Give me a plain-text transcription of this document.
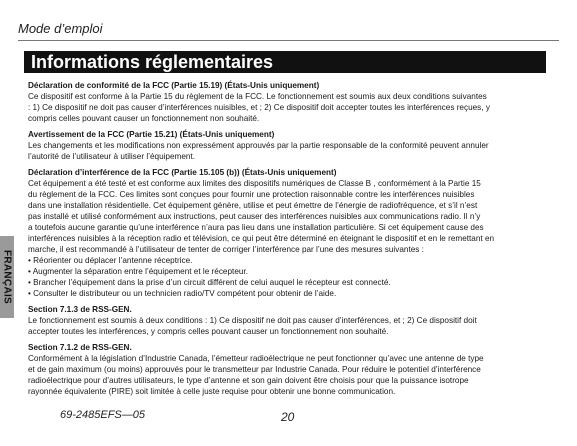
Mode d’emploi
Informations réglementaires
FRANÇAIS
Déclaration de conformité de la FCC (Partie 15.19) (États-Unis uniquement)
Ce dispositif est conforme à la Partie 15 du règlement de la FCC. Le fonctionnement est soumis aux deux conditions suivantes
: 1) Ce dispositif ne doit pas causer d’interférences nuisibles, et ; 2) Ce dispositif doit accepter toutes les interférences reçues, y
compris celles pouvant causer un fonctionnement non souhaité.
Avertissement de la FCC (Partie 15.21) (États-Unis uniquement)
Les changements et les modifications non expressément approuvés par la partie responsable de la conformité peuvent annuler
l’autorité de l’utilisateur à utiliser l’équipement.
Déclaration d’interférence de la FCC (Partie 15.105 (b)) (États-Unis uniquement)
Cet équipement a été testé et est conforme aux limites des dispositifs numériques de Classe B , conformément à la Partie 15
du règlement de la FCC. Ces limites sont conçues pour fournir une protection raisonnable contre les interférences nuisibles
dans une installation résidentielle. Cet équipement génère, utilise et peut émettre de l’énergie de radiofréquence, et s’il n’est
pas installé et utilisé conformément aux instructions, peut causer des interférences nuisibles aux communications radio. Il n’y
a toutefois aucune garantie qu’une interférence n’aura pas lieu dans une installation particulière. Si cet équipement cause des
interférences nuisibles à la réception radio et télévision, ce qui peut être déterminé en éteignant le dispositif et en le remettant en
marche, il est recommandé à l’utilisateur de tenter de corriger l’interférence par l’une des mesures suivantes :
• Réorienter ou déplacer l’antenne réceptrice.
• Augmenter la séparation entre l’équipement et le récepteur.
• Brancher l’équipement dans la prise d’un circuit différent de celui auquel le récepteur est connecté.
• Consulter le distributeur ou un technicien radio/TV compétent pour obtenir de l’aide.
Section 7.1.3 de RSS-GEN.
Le fonctionnement est soumis à deux conditions : 1) Ce dispositif ne doit pas causer d’interférences, et ; 2) Ce dispositif doit
accepter toutes les interférences, y compris celles pouvant causer un fonctionnement non souhaité.
Section 7.1.2 de RSS-GEN.
Conformément à la législation d’Industrie Canada, l’émetteur radioélectrique ne peut fonctionner qu’avec une antenne de type
et de gain maximum (ou moins) approuvés pour le transmetteur par Industrie Canada. Pour réduire le potentiel d’interférence
radioélectrique pour d’autres utilisateurs, le type d’antenne et son gain doivent être choisis pour que la puissance isotrope
rayonnée équivalente (PIRE) soit limitée à celle juste requise pour obtenir une bonne communication.
69-2485EFS—05	20
